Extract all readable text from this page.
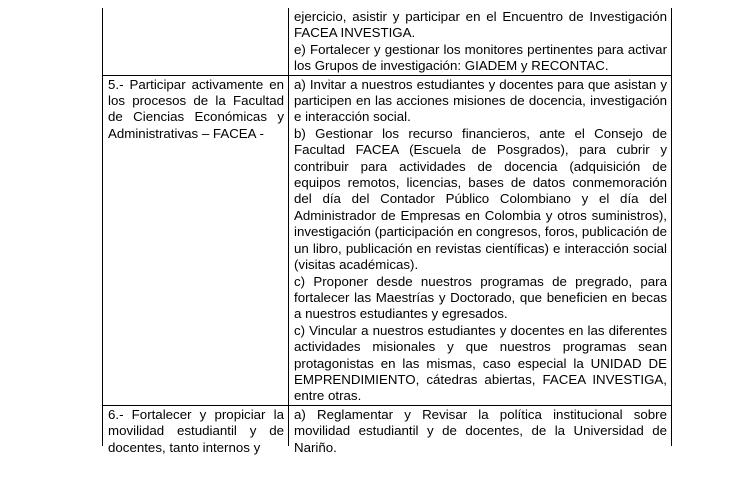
ejercicio, asistir y participar en el Encuentro de Investigación FACEA INVESTIGA.

e) Fortalecer y gestionar los monitores pertinentes para activar los Grupos de investigación: GIADEM y RECONTAC.

5.- Participar activamente en los procesos de la Facultad de Ciencias Económicas y Administrativas – FACEA -

a) Invitar a nuestros estudiantes y docentes para que asistan y participen en las acciones misiones de docencia, investigación e interacción social.

b) Gestionar los recurso financieros, ante el Consejo de Facultad FACEA (Escuela de Posgrados), para cubrir y contribuir para actividades de docencia (adquisición de equipos remotos, licencias, bases de datos conmemoración del día del Contador Público Colombiano y el día del Administrador de Empresas en Colombia y otros suministros), investigación (participación en congresos, foros, publicación de un libro, publicación en revistas científicas) e interacción social (visitas académicas).

c) Proponer desde nuestros programas de pregrado, para fortalecer las Maestrías y Doctorado, que beneficien en becas a nuestros estudiantes y egresados.

c) Vincular a nuestros estudiantes y docentes en las diferentes actividades misionales y que nuestros programas sean protagonistas en las mismas, caso especial la UNIDAD DE EMPRENDIMIENTO, cátedras abiertas, FACEA INVESTIGA, entre otras.

6.- Fortalecer y propiciar la movilidad estudiantil y de docentes, tanto internos y

a) Reglamentar y Revisar la política institucional sobre movilidad estudiantil y de docentes, de la Universidad de Nariño.
